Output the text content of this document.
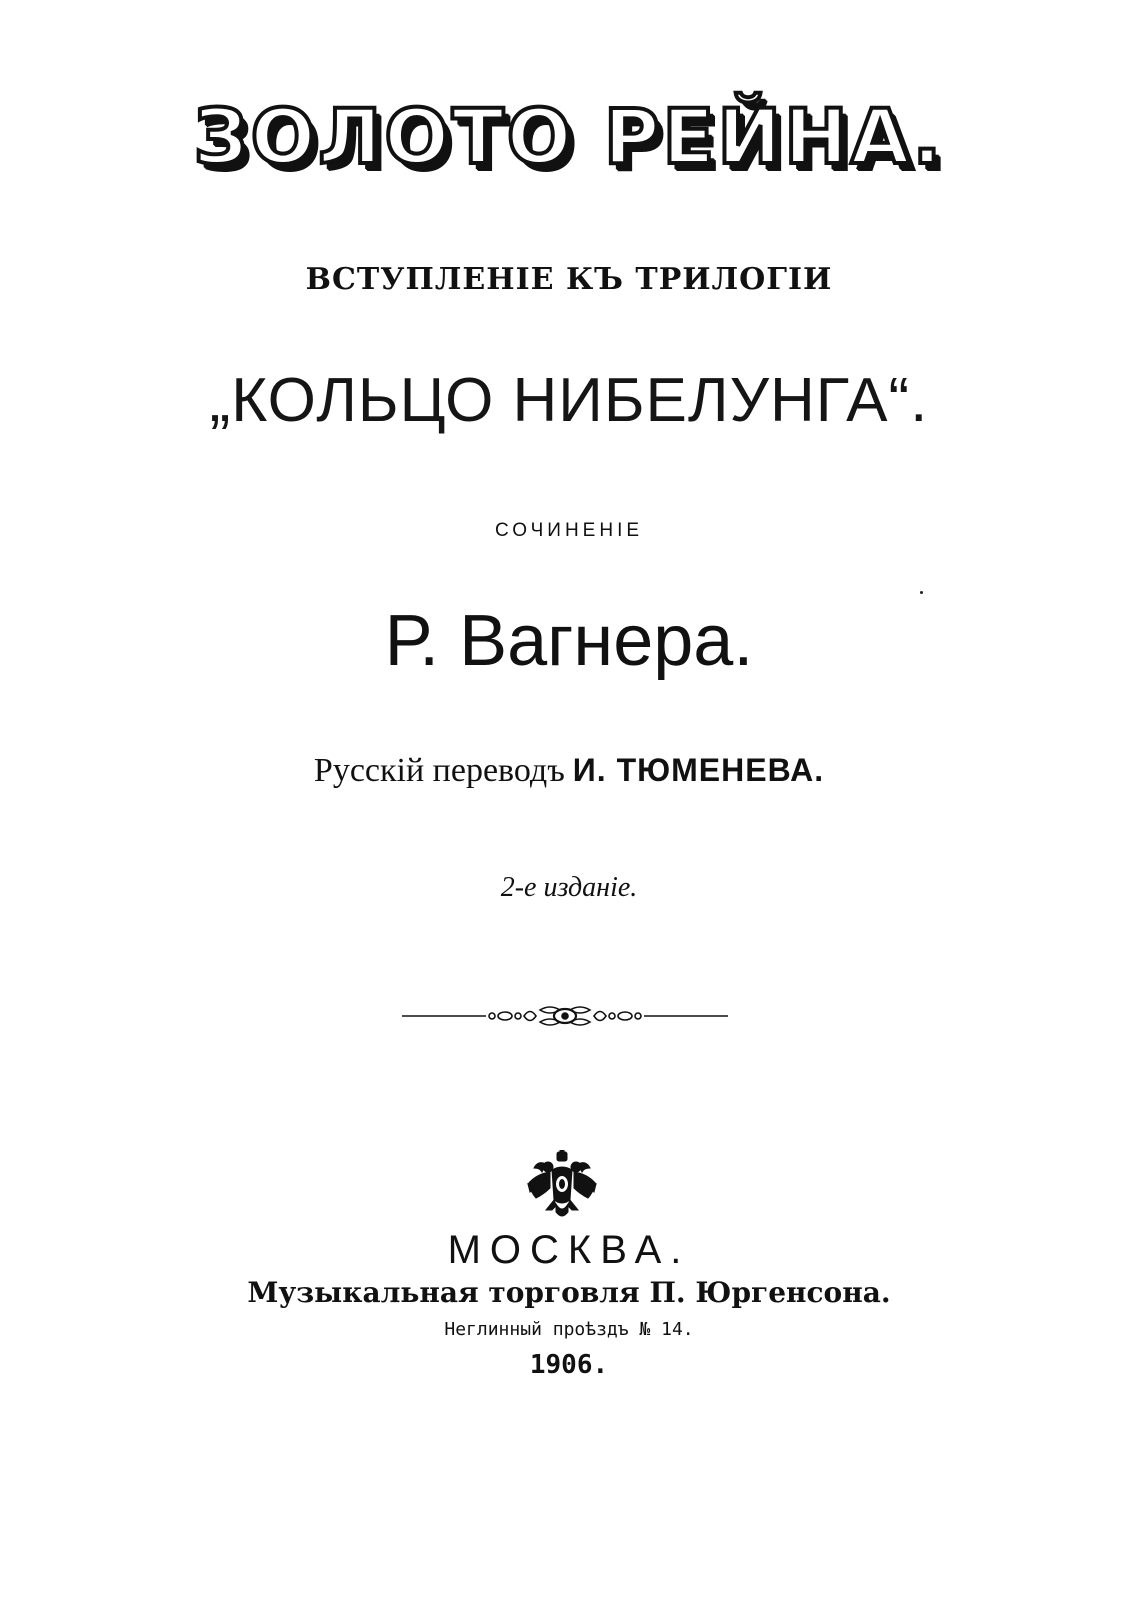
ЗОЛОТО РЕЙНА.
ВСТУПЛЕНІЕ КЪ ТРИЛОГІИ
„КОЛЬЦО НИБЕЛУНГА“.
СОЧИНЕНІЕ
Р. Вагнера.
Русскій переводъ И. ТЮМЕНЕВА.
2-е изданіе.
МОСКВА.
Музыкальная торговля П. Юргенсона.
Неглинный проѣздъ № 14.
1906.
